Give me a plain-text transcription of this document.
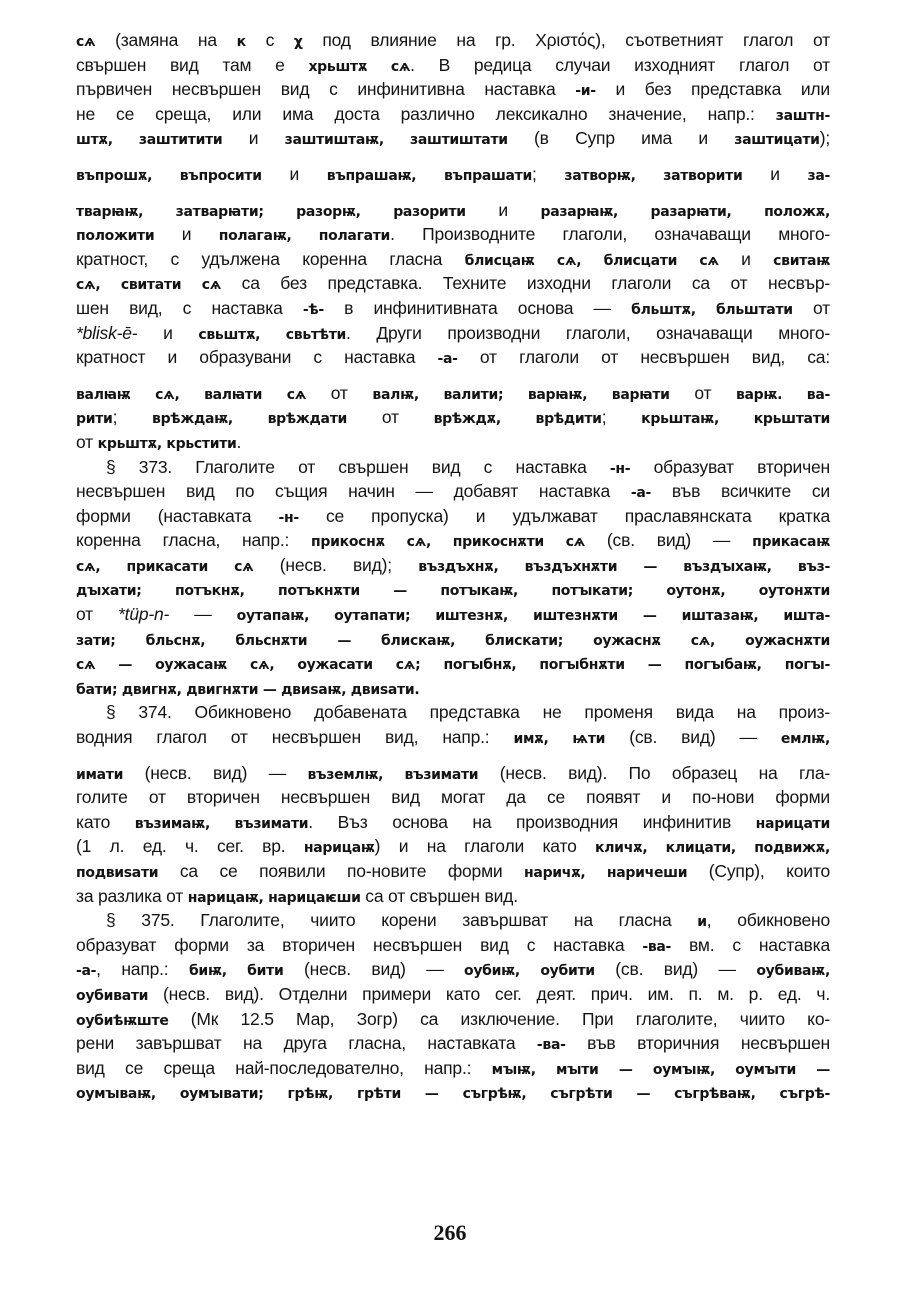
сѧ (замяна на к с χ под влияние на гр. Χριστός), съответният глагол от
свършен вид там е хрьштѫ сѧ. В редица случаи изходният глагол от
първичен несвършен вид с инфинитивна наставка -и- и без представка или
не се среща, или има доста различно лексикално значение, напр.: заштн-
штѫ, заштитити и заштиштаѭ, заштиштати (в Супр има и заштицати);
въпрошѫ, въпросити и въпрашаѭ, въпрашати; затворѭ, затворити и за-
тварꙗѭ, затварꙗти; разорѭ, разорити и разарꙗѭ, разарꙗти, положѫ,
положити и полагаѭ, полагати. Производните глаголи, означаващи много-
кратност, с удължена коренна гласна блисцаѭ сѧ, блисцати сѧ и свитаѭ
сѧ, свитати сѧ са без представка. Техните изходни глаголи са от несвър-
шен вид, с наставка -ѣ- в инфинитивната основа — бльштѫ, бльштати от
*blisk-ē- и свьштѫ, свьтѣти. Други производни глаголи, означаващи много-
кратност и образувани с наставка -а- от глаголи от несвършен вид, са:
валꙗѭ сѧ, валꙗти сѧ от валѭ, валити; варꙗѭ, варꙗти от варѭ. ва-
рити; врѣждаѭ, врѣждати от врѣждѫ, врѣдити; крьштаѭ, крьштати
от крьштѫ, крьстити.
§ 373. Глаголите от свършен вид с наставка -н- образуват вторичен
несвършен вид по същия начин — добавят наставка -а- във всичките си
форми (наставката -н- се пропуска) и удължават праславянската кратка
коренна гласна, напр.: прикоснѫ сѧ, прикоснѫти сѧ (св. вид) — прикасаѭ
сѧ, прикасати сѧ (несв. вид); въздъхнѫ, въздъхнѫти — въздꙑхаѭ, въз-
дꙑхати; потъкнѫ, потъкнѫти — потꙑкаѭ, потꙑкати; оутонѫ, оутонѫти
от *tüp-n- — оутапаѭ, оутапати; иштезнѫ, иштезнѫти — иштазаѭ, ишта-
зати; бльснѫ, бльснѫти — блискаѭ, блискати; оужаснѫ сѧ, оужаснѫти
сѧ — оужасаѭ сѧ, оужасати сѧ; погꙑбнѫ, погꙑбнѫти — погꙑбаѭ, погꙑ-
бати; двигнѫ, двигнѫти — двиѕаѭ, двиѕати.
§ 374. Обикновено добавената представка не променя вида на произ-
водния глагол от несвършен вид, напр.: имѫ, ѩти (св. вид) — емлѭ,
имати (несв. вид) — въземлѭ, възимати (несв. вид). По образец на гла-
голите от вторичен несвършен вид могат да се появят и по-нови форми
като възимаѭ, възимати. Въз основа на производния инфинитив нарицати
(1 л. ед. ч. сег. вр. нарицаѭ) и на глаголи като кличѫ, клицати, подвижѫ,
подвиѕати са се появили по-новите форми наричѫ, наричеши (Супр), които
за разлика от нарицаѭ, нарицаѥши са от свършен вид.
§ 375. Глаголите, чиито корени завършват на гласна и, обикновено
образуват форми за вторичен несвършен вид с наставка -ва- вм. с наставка
-а-, напр.: биѭ, бити (несв. вид) — оубиѭ, оубити (св. вид) — оубиваѭ,
оубивати (несв. вид). Отделни примери като сег. деят. прич. им. п. м. р. ед. ч.
оубиѣѭште (Мк 12.5 Мар, Зогр) са изключение. При глаголите, чиито ко-
рени завършват на друга гласна, наставката -ва- във вторичния несвършен
вид се среща най-последователно, напр.: мꙑѭ, мꙑти — оумꙑѭ, оумꙑти —
оумꙑваѭ, оумꙑвати; грѣѭ, грѣти — съгрѣѭ, съгрѣти — съгрѣваѭ, съгрѣ-
266
